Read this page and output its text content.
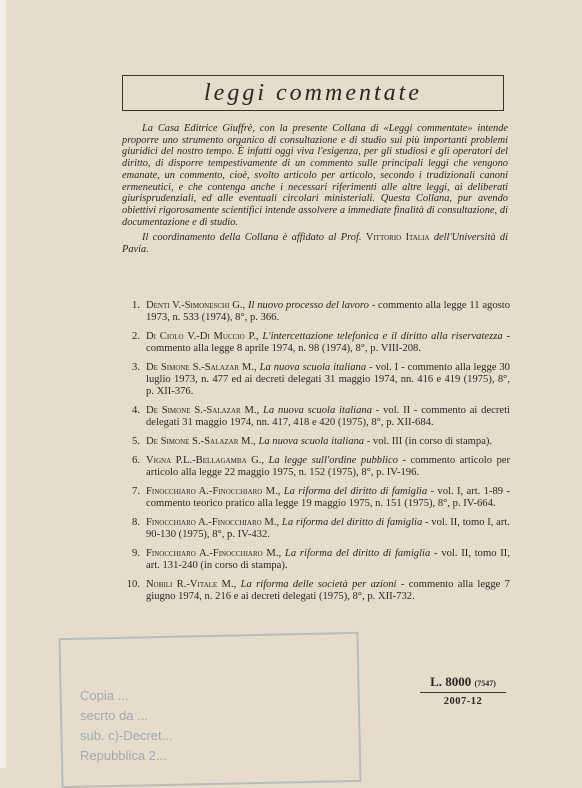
leggi commentate

La Casa Editrice Giuffrè, con la presente Collana di «Leggi commentate» intende proporre uno strumento organico di consultazione e di studio sui più importanti problemi giuridici del nostro tempo. È infatti oggi viva l'esigenza, per gli studiosi e gli operatori del diritto, di disporre tempestivamente di un commento sulle principali leggi che vengono emanate, un commento, cioè, svolto articolo per articolo, secondo i tradizionali canoni ermeneutici, e che contenga anche i necessari riferimenti alle altre leggi, ai deliberati giurisprudenziali, ed alle eventuali circolari ministeriali. Questa Collana, pur avendo obiettivi rigorosamente scientifici intende assolvere a immediate finalità di consultazione, di documentazione e di studio.

Il coordinamento della Collana è affidato al Prof. Vittorio Italia dell'Università di Pavia.

1. Denti V.-Simoneschi G., Il nuovo processo del lavoro - commento alla legge 11 agosto 1973, n. 533 (1974), 8°, p. 366.
2. Di Ciolo V.-Di Muccio P., L'intercettazione telefonica e il diritto alla riservatezza - commento alla legge 8 aprile 1974, n. 98 (1974), 8°, p. VIII-208.
3. De Simone S.-Salazar M., La nuova scuola italiana - vol. I - commento alla legge 30 luglio 1973, n. 477 ed ai decreti delegati 31 maggio 1974, nn. 416 e 419 (1975), 8°, p. XII-376.
4. De Simone S.-Salazar M., La nuova scuola italiana - vol. II - commento ai decreti delegati 31 maggio 1974, nn. 417, 418 e 420 (1975), 8°, p. XII-684.
5. De Simone S.-Salazar M., La nuova scuola italiana - vol. III (in corso di stampa).
6. Vigna P.L.-Bellagamba G., La legge sull'ordine pubblico - commento articolo per articolo alla legge 22 maggio 1975, n. 152 (1975), 8°, p. IV-196.
7. Finocchiaro A.-Finocchiaro M., La riforma del diritto di famiglia - vol. I, art. 1-89 - commento teorico pratico alla legge 19 maggio 1975, n. 151 (1975), 8°, p. IV-664.
8. Finocchiaro A.-Finocchiaro M., La riforma del diritto di famiglia - vol. II, tomo I, art. 90-130 (1975), 8°, p. IV-432.
9. Finocchiaro A.-Finocchiaro M., La riforma del diritto di famiglia - vol. II, tomo II, art. 131-240 (in corso di stampa).
10. Nobili R.-Vitale M., La riforma delle società per azioni - commento alla legge 7 giugno 1974, n. 216 e ai decreti delegati (1975), 8°, p. XII-732.
Copia ...
secrto da ...
sub. c)-Decret...
Repubblica 2...
L. 8000 (7547)
2007-12
